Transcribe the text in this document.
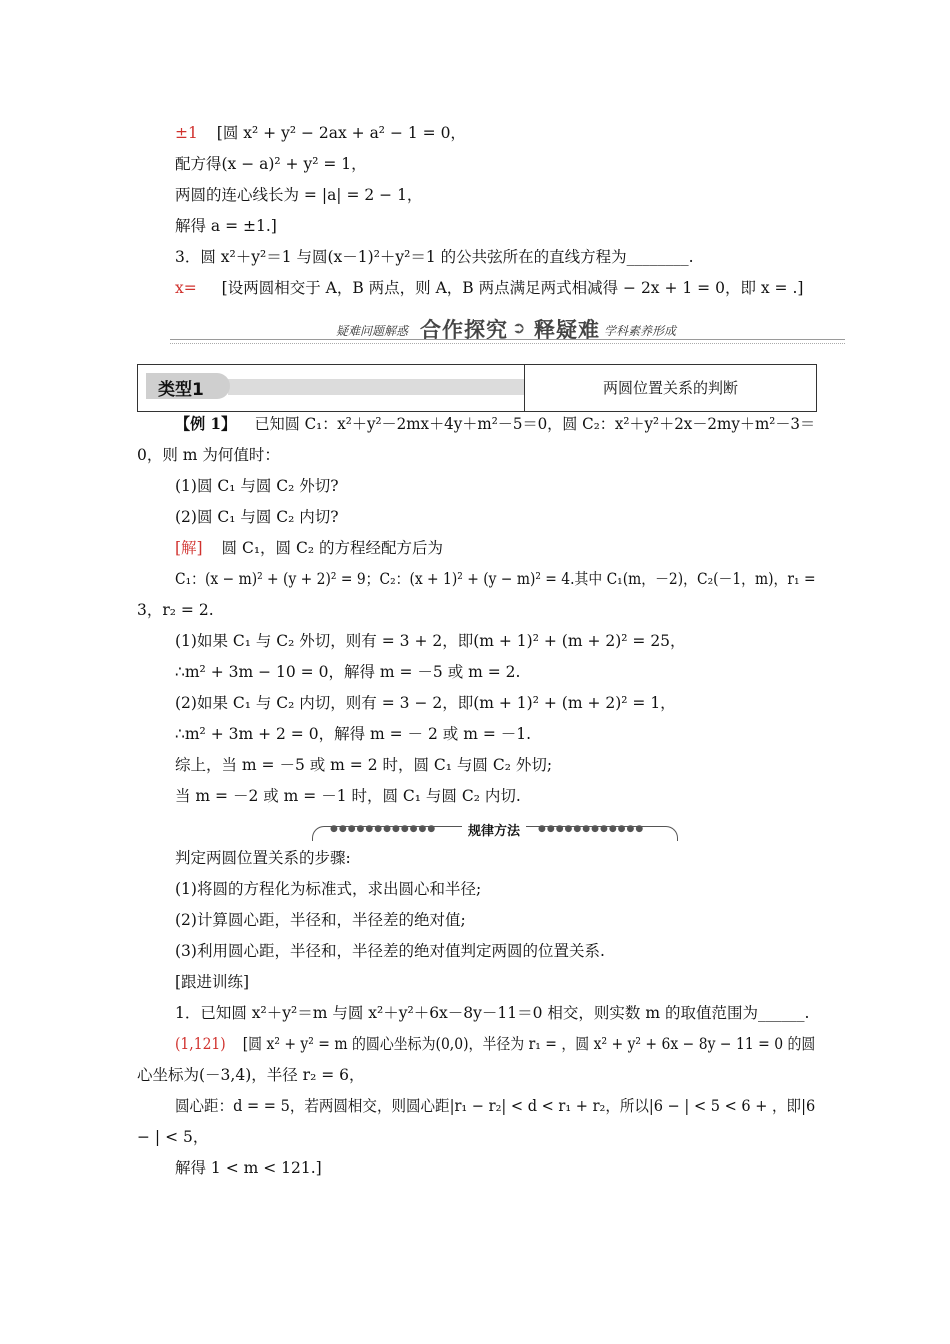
±1 [圆 x² + y² − 2ax + a² − 1 = 0，
配方得(x − a)² + y² = 1，
两圆的连心线长为 = |a| = 2 − 1，
解得 a = ±1.]
3．圆 x²＋y²＝1 与圆(x－1)²＋y²＝1 的公共弦所在的直线方程为________.
x= [设两圆相交于 A，B 两点，则 A，B 两点满足两式相减得 − 2x + 1 = 0，即 x = .]
疑难问题解惑 合作探究 ➲ 释疑难 学科素养形成
类型1	两圆位置关系的判断
【例 1】 已知圆 C₁：x²＋y²－2mx＋4y＋m²－5＝0，圆 C₂：x²＋y²＋2x－2my＋m²－3＝
0，则 m 为何值时：
(1)圆 C₁ 与圆 C₂ 外切?
(2)圆 C₁ 与圆 C₂ 内切?
[解] 圆 C₁，圆 C₂ 的方程经配方后为
C₁：(x − m)² + (y + 2)² = 9；C₂：(x + 1)² + (y − m)² = 4.其中 C₁(m，－2)，C₂(－1，m)，r₁ =
3，r₂ = 2.
(1)如果 C₁ 与 C₂ 外切，则有 = 3 + 2，即(m + 1)² + (m + 2)² = 25，
∴m² + 3m − 10 = 0，解得 m = －5 或 m = 2.
(2)如果 C₁ 与 C₂ 内切，则有 = 3 − 2，即(m + 1)² + (m + 2)² = 1，
∴m² + 3m + 2 = 0，解得 m = － 2 或 m = －1.
综上，当 m = －5 或 m = 2 时，圆 C₁ 与圆 C₂ 外切;
当 m = －2 或 m = －1 时，圆 C₁ 与圆 C₂ 内切.
●●●●●●●●●●●●	规律方法	●●●●●●●●●●●●
判定两圆位置关系的步骤:
(1)将圆的方程化为标准式，求出圆心和半径;
(2)计算圆心距，半径和，半径差的绝对值;
(3)利用圆心距，半径和，半径差的绝对值判定两圆的位置关系.
[跟进训练]
1．已知圆 x²＋y²＝m 与圆 x²＋y²＋6x－8y－11＝0 相交，则实数 m 的取值范围为______.
(1,121) [圆 x² + y² = m 的圆心坐标为(0,0)，半径为 r₁ = ，圆 x² + y² + 6x − 8y − 11 = 0 的圆
心坐标为(－3,4)，半径 r₂ = 6，
圆心距：d = = 5，若两圆相交，则圆心距|r₁ − r₂| < d < r₁ + r₂，所以|6 − | < 5 < 6 + ，即|6
− | < 5，
解得 1 < m < 121.]
